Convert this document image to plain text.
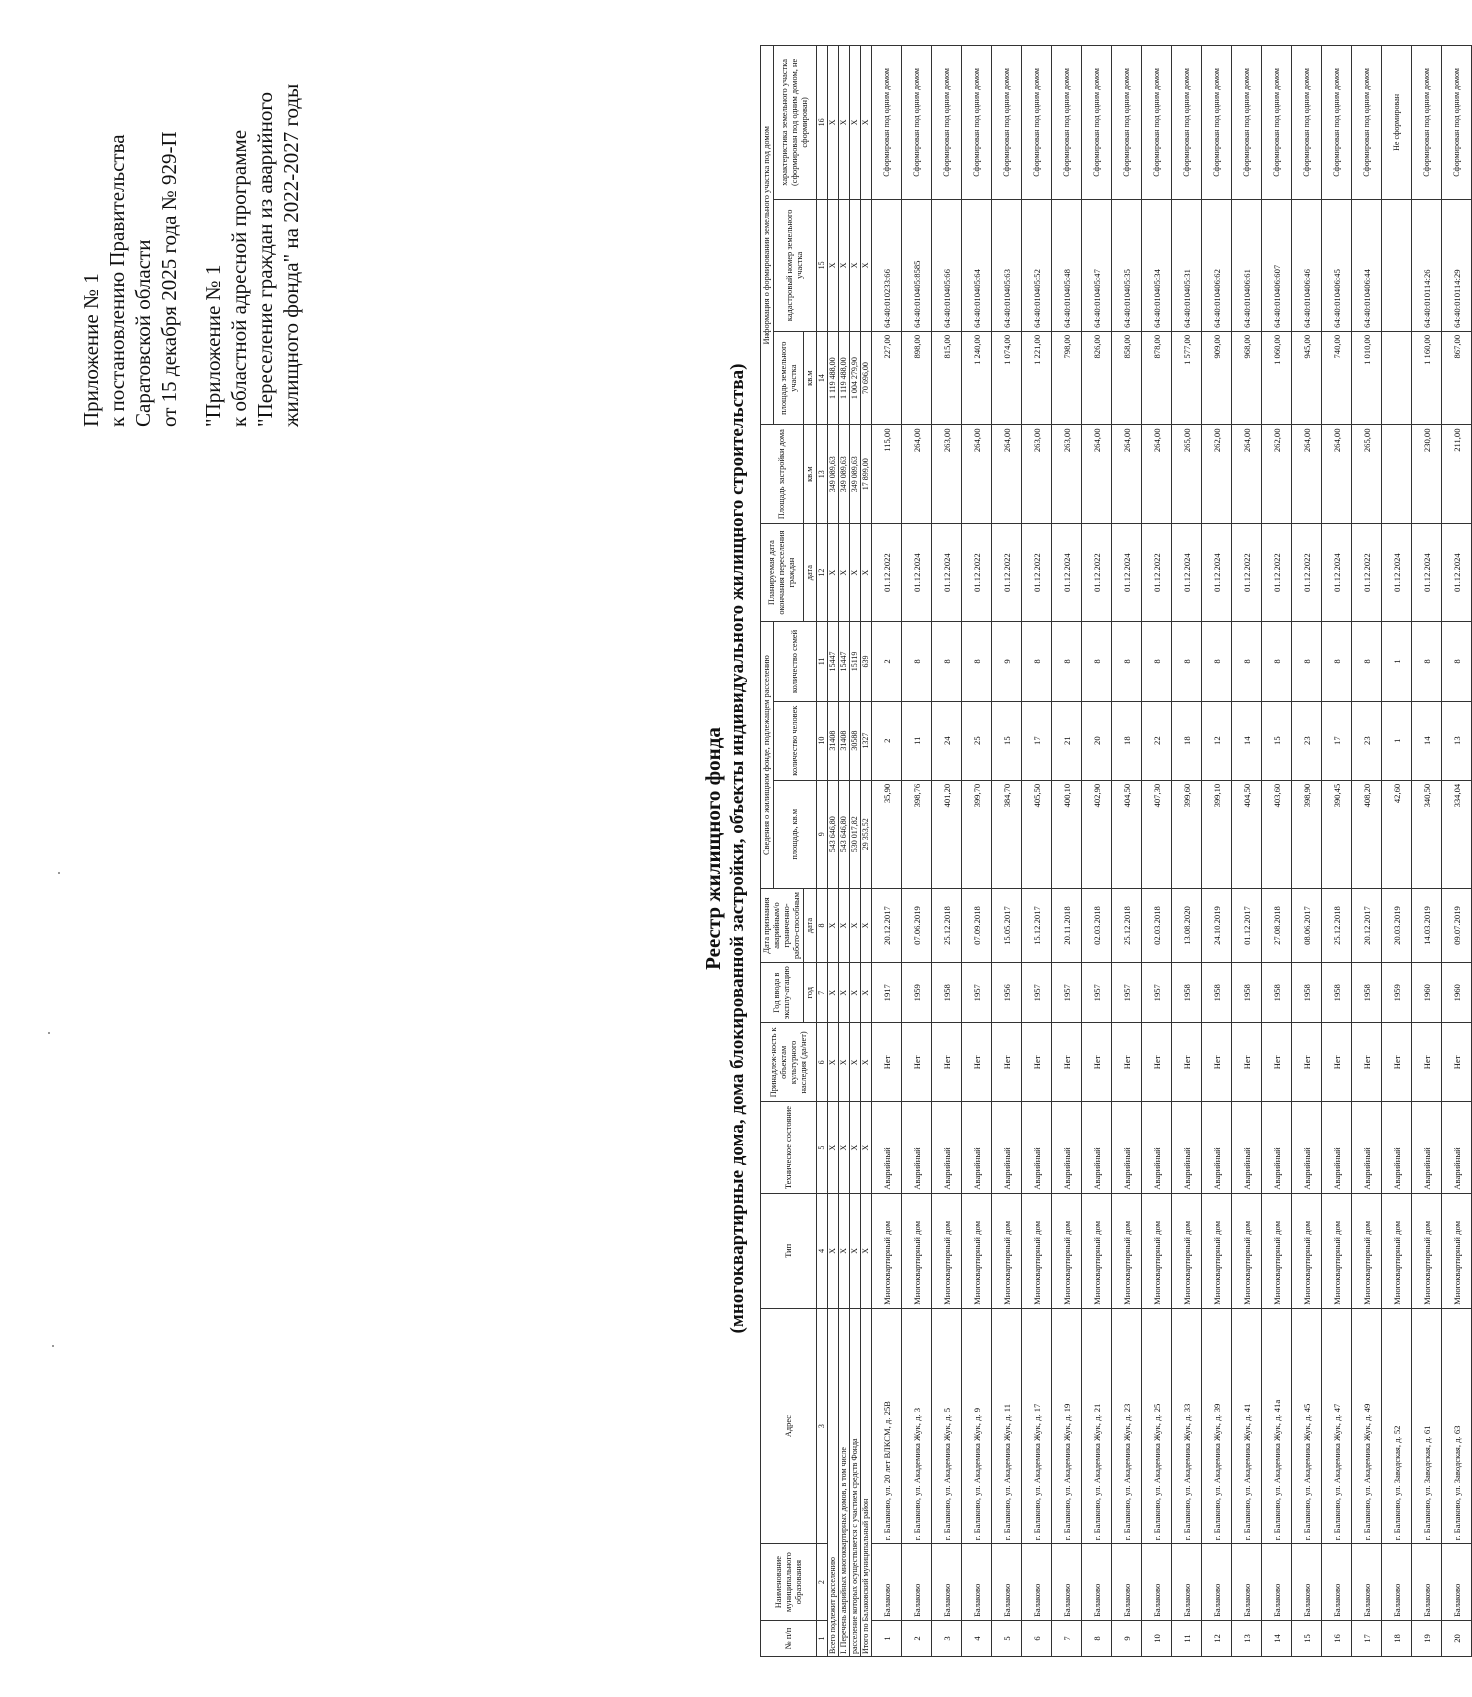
Приложение № 1 к постановлению Правительства Саратовской области от 15 декабря 2025 года № 929-П "Приложение № 1 к областной адресной программе "Переселение граждан из аварийного жилищного фонда" на 2022-2027 годы
Реестр жилищного фонда (многоквартирные дома, дома блокированной застройки, объекты индивидуального жилищного строительства)
№ п/п	Наименование муниципального образования	Адрес	Тип	Техническое состояние	Принадлеж-ность к объектам культурного наследия (да/нет)	Год ввода в эксплу-атацию	Дата признания аварийным/о граниченно-работо-способным	Сведения о жилищном фонде, подлежащем расселению			Планируемая дата окончания переселения граждан	Площадь застройки дома	Информация о формировании земельного участка под домом		
								площадь, кв.м	количество человек	количество семей			площадь земельного участка	кадастровый номер земельного участка	характеристика земельного участка (сформирован под одним домом, не сформирован)
						год	дата				дата	кв.м	кв.м		
1	2	3	4	5	6	7	8	9	10	11	12	13	14	15	16
Всего подлежит расселению			Х	Х	Х	Х	Х	543 646,80	31408	15447	Х	349 089,63	1 119 488,00	Х	Х
I. Перечень аварийных многоквартирных домов, в том числе			Х	Х	Х	Х	Х	543 646,80	31408	15447	Х	349 089,63	1 119 488,00	Х	Х
расселение которых осуществляется с участием средств Фонда			Х	Х	Х	Х	Х	530 017,82	30588	15119	Х	349 089,63	1 004 279,90	Х	Х
Итого по Балаковский муниципальный район			Х	Х	Х	Х	Х	29 353,52	1327	639	Х	17 899,00	70 696,00	Х	Х
1	Балаково	г. Балаково, ул. 20 лет ВЛКСМ, д. 25В	Многоквартирный дом	Аварийный	Нет	1917	20.12.2017	35,90	2	2	01.12.2022	115,00	227,00	64:40:010233:66	Сформирован под одним домом
2	Балаково	г. Балаково, ул. Академика Жук, д. 3	Многоквартирный дом	Аварийный	Нет	1959	07.06.2019	398,76	11	8	01.12.2024	264,00	898,00	64:40:010405:8585	Сформирован под одним домом
3	Балаково	г. Балаково, ул. Академика Жук, д. 5	Многоквартирный дом	Аварийный	Нет	1958	25.12.2018	401,20	24	8	01.12.2024	263,00	815,00	64:40:010405:66	Сформирован под одним домом
4	Балаково	г. Балаково, ул. Академика Жук, д. 9	Многоквартирный дом	Аварийный	Нет	1957	07.09.2018	399,70	25	8	01.12.2022	264,00	1 240,00	64:40:010405:64	Сформирован под одним домом
5	Балаково	г. Балаково, ул. Академика Жук, д. 11	Многоквартирный дом	Аварийный	Нет	1956	15.05.2017	384,70	15	9	01.12.2022	264,00	1 074,00	64:40:010405:63	Сформирован под одним домом
6	Балаково	г. Балаково, ул. Академика Жук, д. 17	Многоквартирный дом	Аварийный	Нет	1957	15.12.2017	405,50	17	8	01.12.2022	263,00	1 221,00	64:40:010405:52	Сформирован под одним домом
7	Балаково	г. Балаково, ул. Академика Жук, д. 19	Многоквартирный дом	Аварийный	Нет	1957	20.11.2018	400,10	21	8	01.12.2024	263,00	798,00	64:40:010405:48	Сформирован под одним домом
8	Балаково	г. Балаково, ул. Академика Жук, д. 21	Многоквартирный дом	Аварийный	Нет	1957	02.03.2018	402,90	20	8	01.12.2022	264,00	826,00	64:40:010405:47	Сформирован под одним домом
9	Балаково	г. Балаково, ул. Академика Жук, д. 23	Многоквартирный дом	Аварийный	Нет	1957	25.12.2018	404,50	18	8	01.12.2024	264,00	858,00	64:40:010405:35	Сформирован под одним домом
10	Балаково	г. Балаково, ул. Академика Жук, д. 25	Многоквартирный дом	Аварийный	Нет	1957	02.03.2018	407,30	22	8	01.12.2022	264,00	878,00	64:40:010405:34	Сформирован под одним домом
11	Балаково	г. Балаково, ул. Академика Жук, д. 33	Многоквартирный дом	Аварийный	Нет	1958	13.08.2020	399,60	18	8	01.12.2024	265,00	1 577,00	64:40:010405:31	Сформирован под одним домом
12	Балаково	г. Балаково, ул. Академика Жук, д. 39	Многоквартирный дом	Аварийный	Нет	1958	24.10.2019	399,10	12	8	01.12.2024	262,00	909,00	64:40:010406:62	Сформирован под одним домом
13	Балаково	г. Балаково, ул. Академика Жук, д. 41	Многоквартирный дом	Аварийный	Нет	1958	01.12.2017	404,50	14	8	01.12.2022	264,00	968,00	64:40:010406:61	Сформирован под одним домом
14	Балаково	г. Балаково, ул. Академика Жук, д. 41а	Многоквартирный дом	Аварийный	Нет	1958	27.08.2018	403,60	15	8	01.12.2022	262,00	1 060,00	64:40:010406:607	Сформирован под одним домом
15	Балаково	г. Балаково, ул. Академика Жук, д. 45	Многоквартирный дом	Аварийный	Нет	1958	08.06.2017	398,90	23	8	01.12.2022	264,00	945,00	64:40:010406:46	Сформирован под одним домом
16	Балаково	г. Балаково, ул. Академика Жук, д. 47	Многоквартирный дом	Аварийный	Нет	1958	25.12.2018	390,45	17	8	01.12.2024	264,00	740,00	64:40:010406:45	Сформирован под одним домом
17	Балаково	г. Балаково, ул. Академика Жук, д. 49	Многоквартирный дом	Аварийный	Нет	1958	20.12.2017	408,20	23	8	01.12.2022	265,00	1 010,00	64:40:010406:44	Сформирован под одним домом
18	Балаково	г. Балаково, ул. Заводская, д. 52	Многоквартирный дом	Аварийный	Нет	1959	20.03.2019	42,60	1	1	01.12.2024				Не сформирован
19	Балаково	г. Балаково, ул. Заводская, д. 61	Многоквартирный дом	Аварийный	Нет	1960	14.03.2019	340,50	14	8	01.12.2024	230,00	1 160,00	64:40:010114:26	Сформирован под одним домом
20	Балаково	г. Балаково, ул. Заводская, д. 63	Многоквартирный дом	Аварийный	Нет	1960	09.07.2019	334,04	13	8	01.12.2024	211,00	867,00	64:40:010114:29	Сформирован под одним домом
